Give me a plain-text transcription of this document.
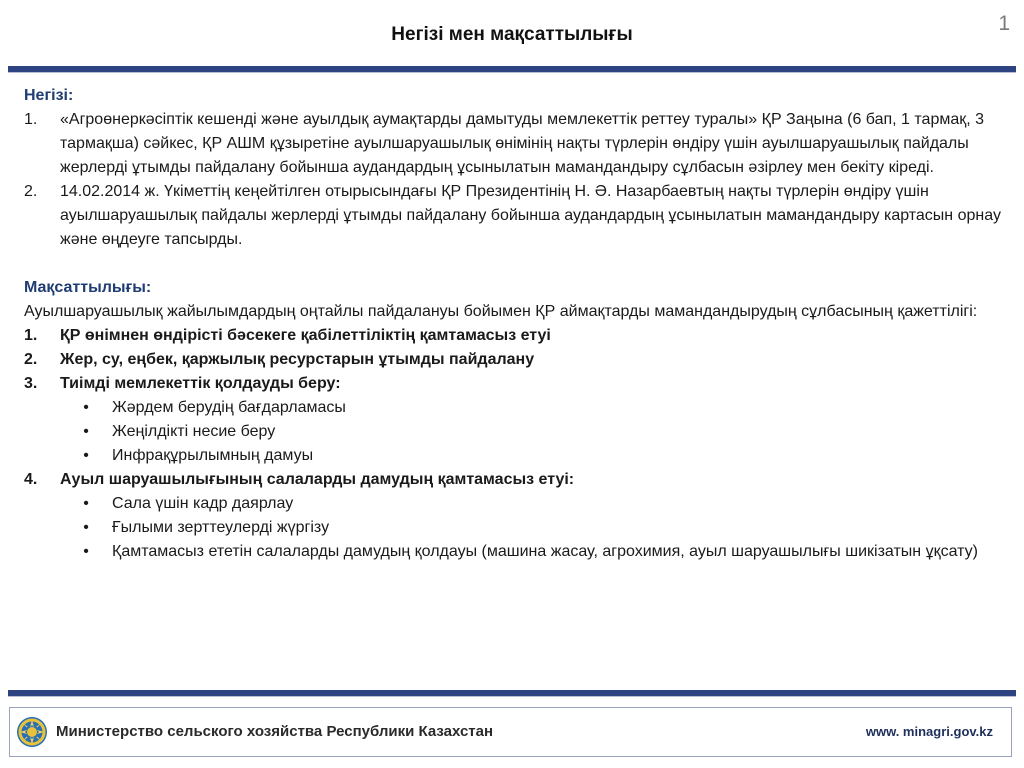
Негізі мен мақсаттылығы	1
Негізі:
1.	«Агроөнеркәсіптік кешенді және ауылдық аумақтарды дамытуды мемлекеттік реттеу туралы» ҚР Заңына (6 бап, 1 тармақ, 3 тармақша) сәйкес, ҚР АШМ құзыретіне ауылшаруашылық өнімінің нақты түрлерін өндіру үшін ауылшаруашылық пайдалы жерлерді ұтымды пайдалану бойынша аудандардың ұсынылатын мамандандыру сұлбасын әзірлеу мен бекіту кіреді.
2.	14.02.2014 ж. Үкіметтің кеңейтілген отырысындағы ҚР Президентінің Н. Ә. Назарбаевтың нақты түрлерін өндіру үшін ауылшаруашылық пайдалы жерлерді ұтымды пайдалану бойынша аудандардың ұсынылатын мамандандыру картасын орнау және өңдеуге тапсырды.
Мақсаттылығы:
Ауылшаруашылық жайылымдардың оңтайлы пайдалануы бойымен ҚР аймақтарды мамандандырудың сұлбасының қажеттілігі:
1.	ҚР өнімнен өндірісті бәсекеге қабілеттіліктің қамтамасыз етуі
2.	Жер, су, еңбек, қаржылық ресурстарын ұтымды пайдалану
3.	Тиімді мемлекеттік қолдауды беру:
•	Жәрдем берудің бағдарламасы
•	Жеңілдікті несие беру
•	Инфрақұрылымның дамуы
4.	Ауыл шаруашылығының салаларды дамудың қамтамасыз етуі:
•	Сала үшін кадр даярлау
•	Ғылыми зерттеулерді жүргізу
•	Қамтамасыз ететін салаларды дамудың қолдауы (машина жасау, агрохимия, ауыл шаруашылығы шикізатын ұқсату)
Министерство сельского хозяйства Республики Казахстан	www. minagri.gov.kz
